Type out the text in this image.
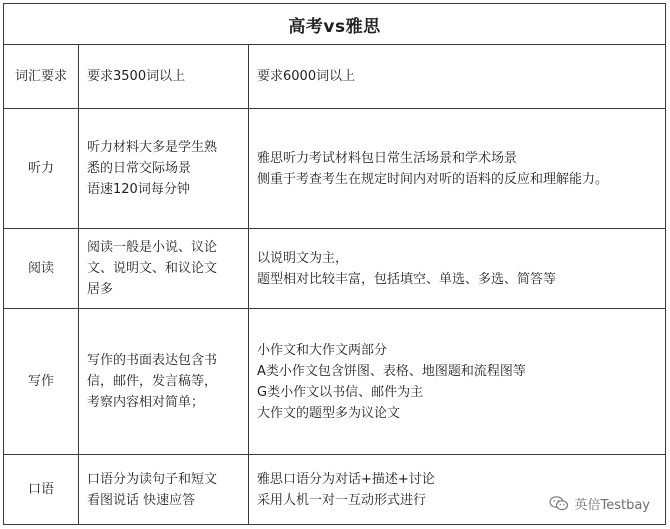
高考vs雅思
词汇要求 要求3500词以上	要求6000词以上
听力
听力材料大多是学生熟
悉的日常交际场景
语速120词每分钟
雅思听力考试材料包日常生活场景和学术场景
侧重于考查考生在规定时间内对听的语料的反应和理解能力。
阅读
阅读一般是小说、议论
文、说明文、和议论文
居多
以说明文为主，
题型相对比较丰富，包括填空、单选、多选、简答等
写作
写作的书面表达包含书
信，邮件，发言稿等，
考察内容相对简单；
小作文和大作文两部分
A类小作文包含饼图、表格、地图题和流程图等
G类小作文以书信、邮件为主
大作文的题型多为议论文
口语
口语分为读句子和短文
看图说话 快速应答
雅思口语分为对话+描述+讨论
采用人机一对一互动形式进行	英倍Testbay
